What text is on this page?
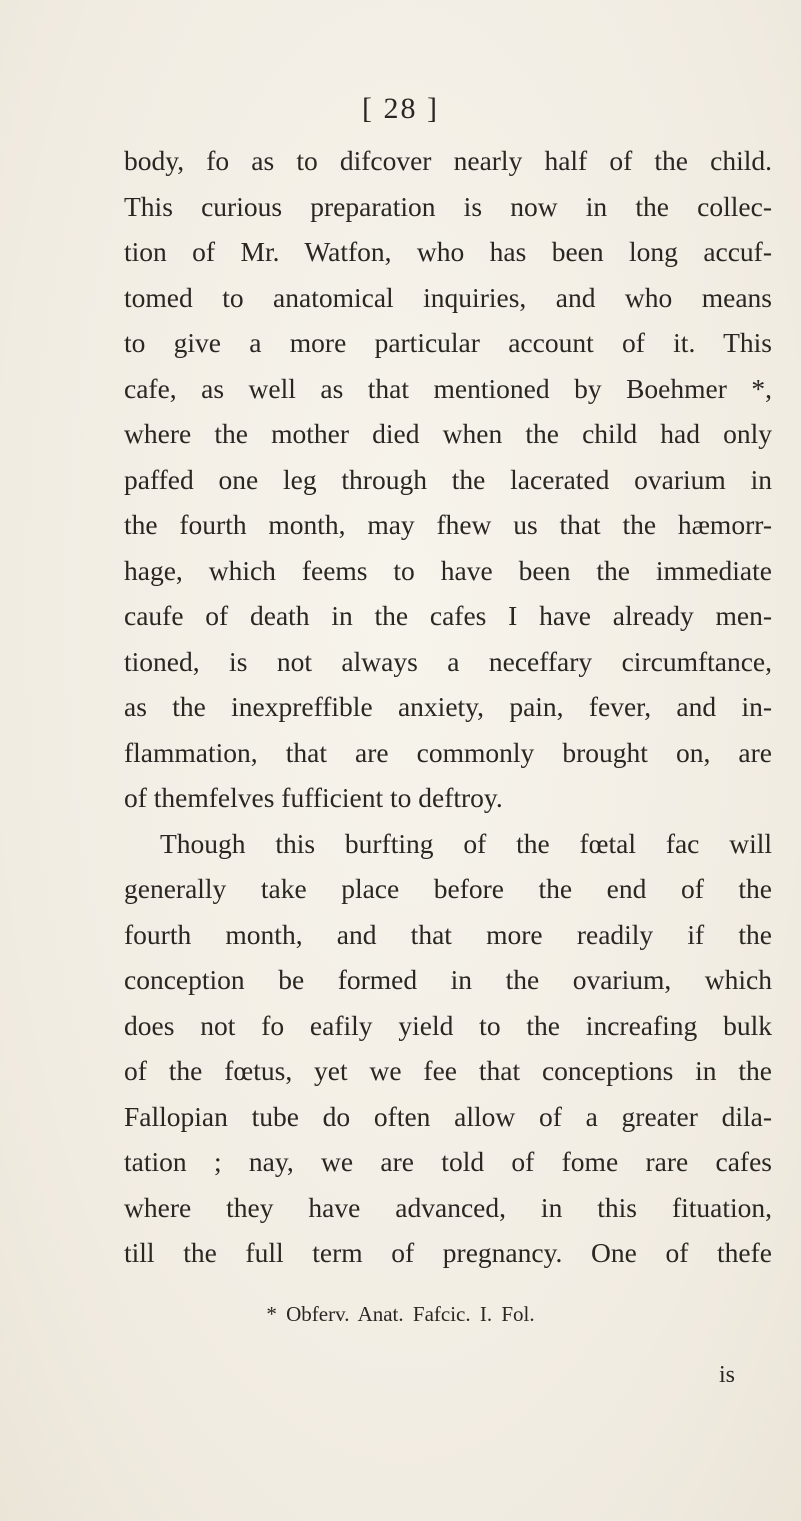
[ 28 ]
body, fo as to difcover nearly half of the child.
This curious preparation is now in the collec-
tion of Mr. Watfon, who has been long accuf-
tomed to anatomical inquiries, and who means
to give a more particular account of it. This
cafe, as well as that mentioned by Boehmer *,
where the mother died when the child had only
paffed one leg through the lacerated ovarium in
the fourth month, may fhew us that the hæmorr-
hage, which feems to have been the immediate
caufe of death in the cafes I have already men-
tioned, is not always a neceffary circumftance,
as the inexpreffible anxiety, pain, fever, and in-
flammation, that are commonly brought on, are
of themfelves fufficient to deftroy.
Though this burfting of the fœtal fac will
generally take place before the end of the
fourth month, and that more readily if the
conception be formed in the ovarium, which
does not fo eafily yield to the increafing bulk
of the fœtus, yet we fee that conceptions in the
Fallopian tube do often allow of a greater dila-
tation ; nay, we are told of fome rare cafes
where they have advanced, in this fituation,
till the full term of pregnancy. One of thefe
* Obferv. Anat. Fafcic. I. Fol.
is
